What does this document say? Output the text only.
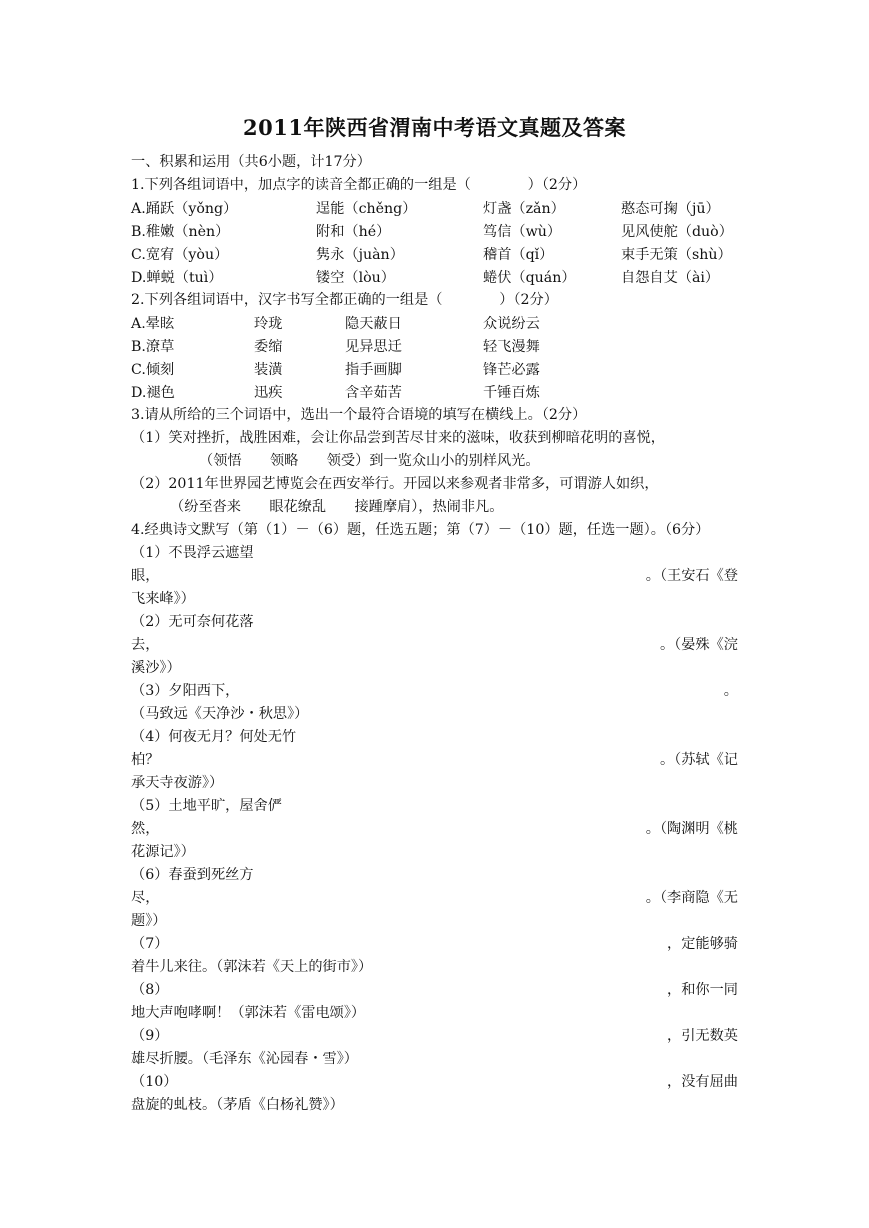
2011年陕西省渭南中考语文真题及答案
一、积累和运用（共6小题，计17分）
1.下列各组词语中，加点字的读音全都正确的一组是（　　　　）（2分）
A.踊跃（yǒng）	逞能（chěng）	灯盏（zǎn）	憨态可掬（jū）
B.稚嫩（nèn）	附和（hé）	笃信（wù）	见风使舵（duò）
C.宽宥（yòu）	隽永（juàn）	稽首（qǐ）	束手无策（shù）
D.蝉蜕（tuì）	镂空（lòu）	蜷伏（quán）	自怨自艾（ài）
2.下列各组词语中，汉字书写全都正确的一组是（　　　　）（2分）
A.晕眩	玲珑	隐天蔽日	众说纷云
B.潦草	委缩	见异思迁	轻飞漫舞
C.倾刻	装潢	指手画脚	锋芒必露
D.褪色	迅疾	含辛茹苦	千锤百炼
3.请从所给的三个词语中，选出一个最符合语境的填写在横线上。（2分）
（1）笑对挫折，战胜困难，会让你品尝到苦尽甘来的滋味，收获到柳暗花明的喜悦，
（领悟　　领略　　领受）到一览众山小的别样风光。
（2）2011年世界园艺博览会在西安举行。开园以来参观者非常多，可谓游人如织，
（纷至沓来　　眼花缭乱　　接踵摩肩），热闹非凡。
4.经典诗文默写（第（1）－（6）题，任选五题；第（7）－（10）题，任选一题）。（6分）
（1）不畏浮云遮望
眼，	。（王安石《登
飞来峰》）
（2）无可奈何花落
去，	。（晏殊《浣
溪沙》）
（3）夕阳西下，	。
（马致远《天净沙・秋思》）
（4）何夜无月？何处无竹
柏？	。（苏轼《记
承天寺夜游》）
（5）土地平旷，屋舍俨
然，	。（陶渊明《桃
花源记》）
（6）春蚕到死丝方
尽，	。（李商隐《无
题》）
（7）	，定能够骑
着牛儿来往。（郭沫若《天上的街市》）
（8）	，和你一同
地大声咆哮啊！（郭沫若《雷电颂》）
（9）	，引无数英
雄尽折腰。（毛泽东《沁园春・雪》）
（10）	，没有屈曲
盘旋的虬枝。（茅盾《白杨礼赞》）
